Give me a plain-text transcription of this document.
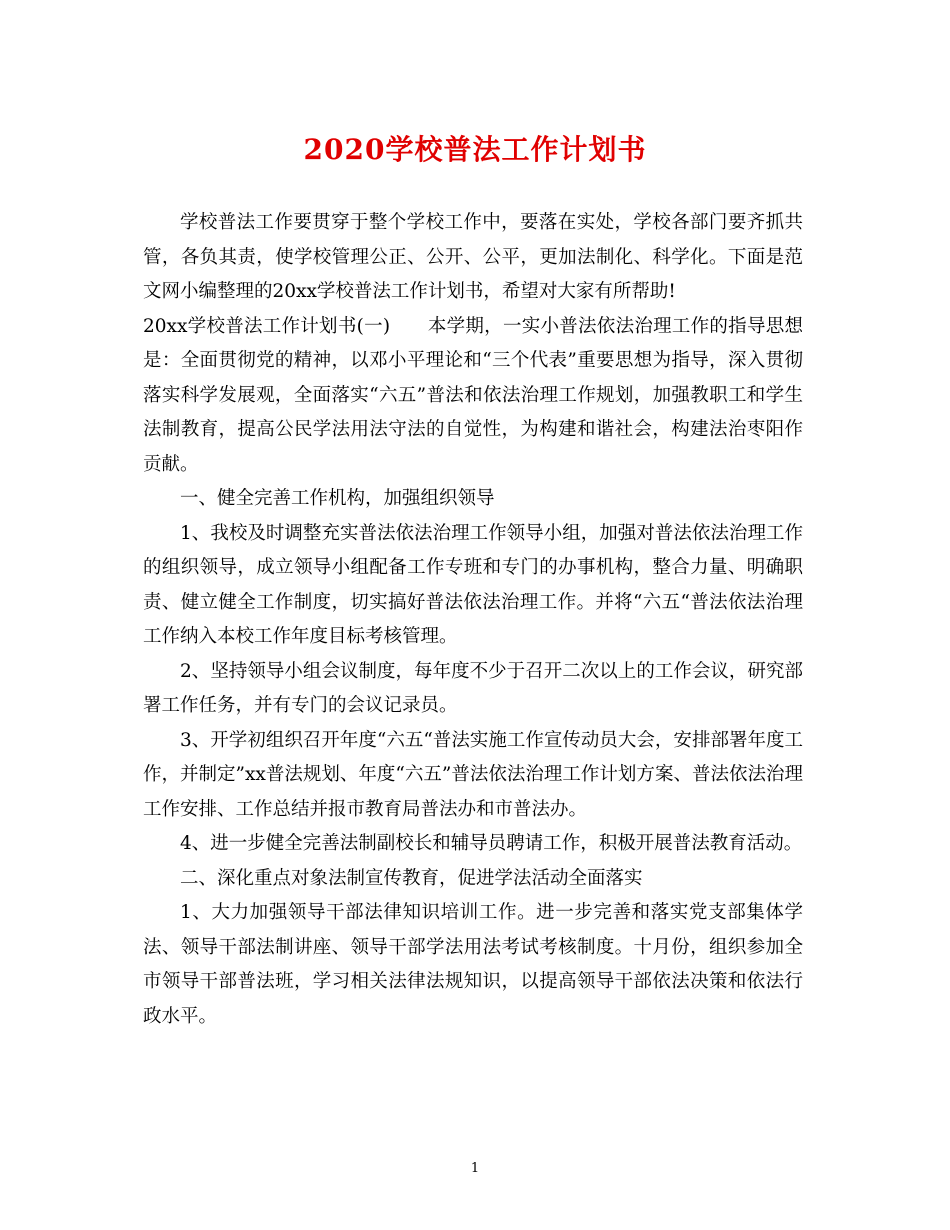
2020学校普法工作计划书

学校普法工作要贯穿于整个学校工作中，要落在实处，学校各部门要齐抓共管，各负其责，使学校管理公正、公开、公平，更加法制化、科学化。下面是范文网小编整理的20xx学校普法工作计划书，希望对大家有所帮助!

20xx学校普法工作计划书(一)　　本学期，一实小普法依法治理工作的指导思想是：全面贯彻党的精神，以邓小平理论和“三个代表”重要思想为指导，深入贯彻落实科学发展观，全面落实“六五”普法和依法治理工作规划，加强教职工和学生法制教育，提高公民学法用法守法的自觉性，为构建和谐社会，构建法治枣阳作贡献。

一、健全完善工作机构，加强组织领导

1、我校及时调整充实普法依法治理工作领导小组，加强对普法依法治理工作的组织领导，成立领导小组配备工作专班和专门的办事机构，整合力量、明确职责、健立健全工作制度，切实搞好普法依法治理工作。并将“六五“普法依法治理工作纳入本校工作年度目标考核管理。

2、坚持领导小组会议制度，每年度不少于召开二次以上的工作会议，研究部署工作任务，并有专门的会议记录员。

3、开学初组织召开年度“六五“普法实施工作宣传动员大会，安排部署年度工作，并制定”xx普法规划、年度“六五”普法依法治理工作计划方案、普法依法治理工作安排、工作总结并报市教育局普法办和市普法办。

4、进一步健全完善法制副校长和辅导员聘请工作，积极开展普法教育活动。

二、深化重点对象法制宣传教育，促进学法活动全面落实

1、大力加强领导干部法律知识培训工作。进一步完善和落实党支部集体学法、领导干部法制讲座、领导干部学法用法考试考核制度。十月份，组织参加全市领导干部普法班，学习相关法律法规知识，以提高领导干部依法决策和依法行政水平。

1
